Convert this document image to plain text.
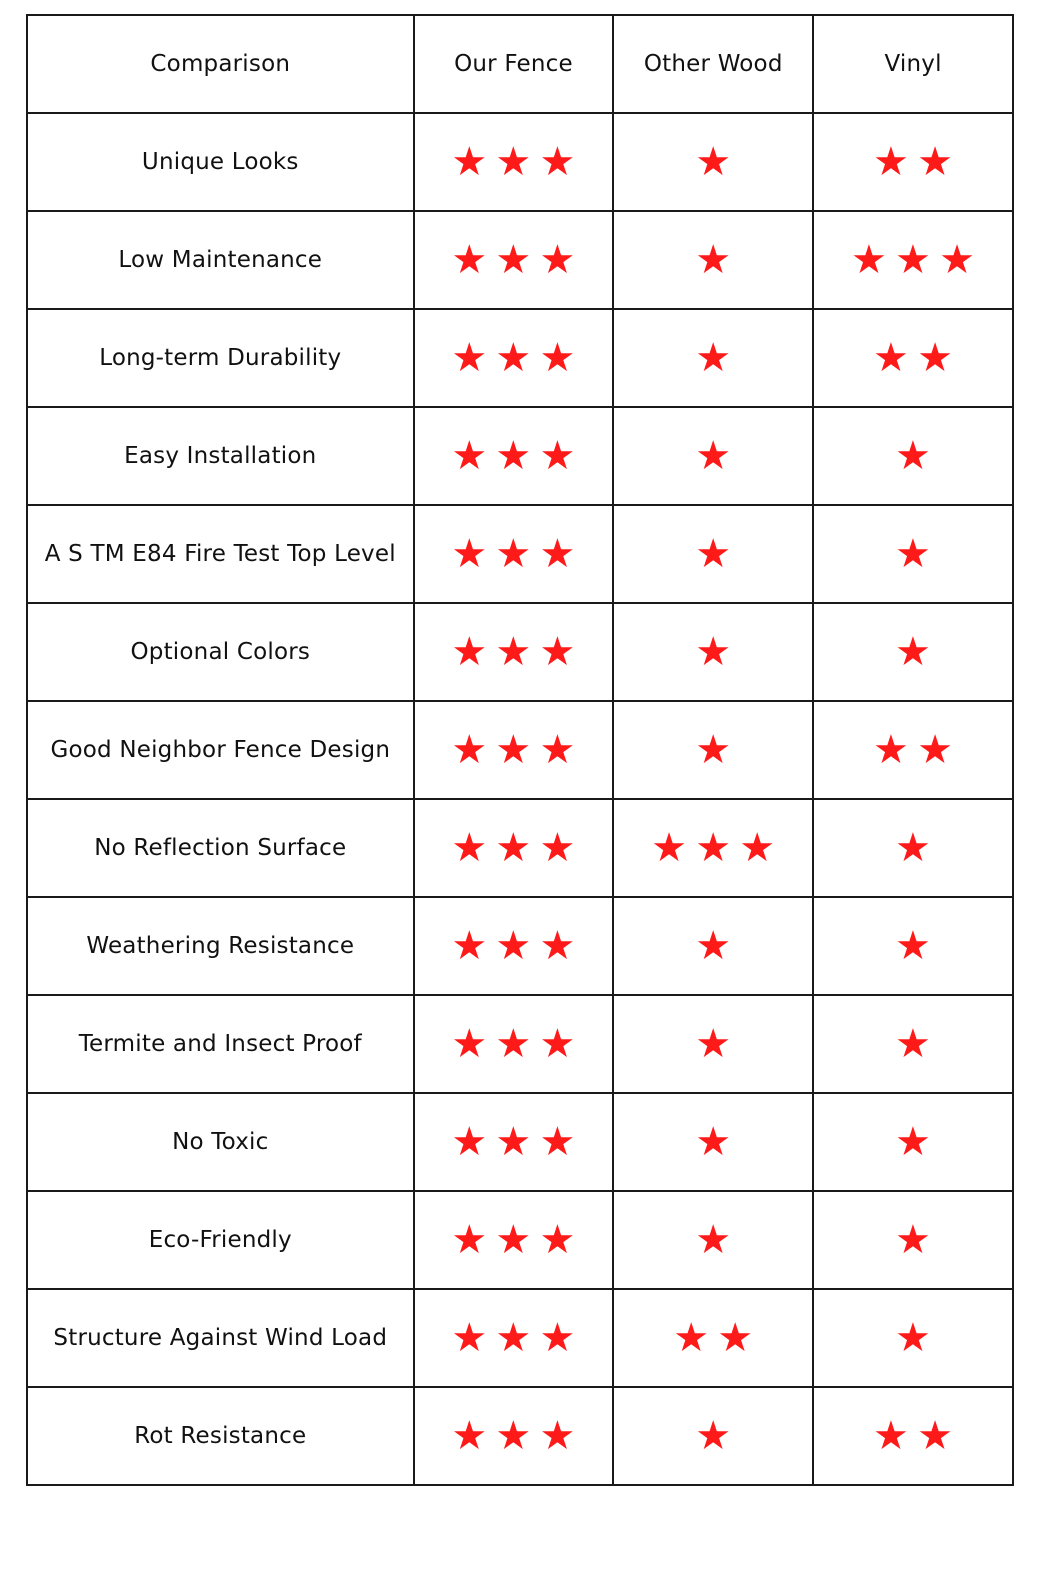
Comparison	Our Fence	Other Wood	Vinyl
Unique Looks	★ ★ ★	★	★ ★

Low Maintenance	★ ★ ★	★	★ ★ ★

Long-term Durability	★ ★ ★	★	★ ★

Easy Installation	★ ★ ★	★	★

A S TM E84 Fire Test Top Level	★ ★ ★	★	★

Optional Colors	★ ★ ★	★	★

Good Neighbor Fence Design	★ ★ ★	★	★ ★

No Reflection Surface	★ ★ ★	★ ★ ★	★

Weathering Resistance	★ ★ ★	★	★

Termite and Insect Proof	★ ★ ★	★	★

No Toxic	★ ★ ★	★	★

Eco-Friendly	★ ★ ★	★	★

Structure Against Wind Load	★ ★ ★	★ ★	★

Rot Resistance	★ ★ ★	★	★ ★
